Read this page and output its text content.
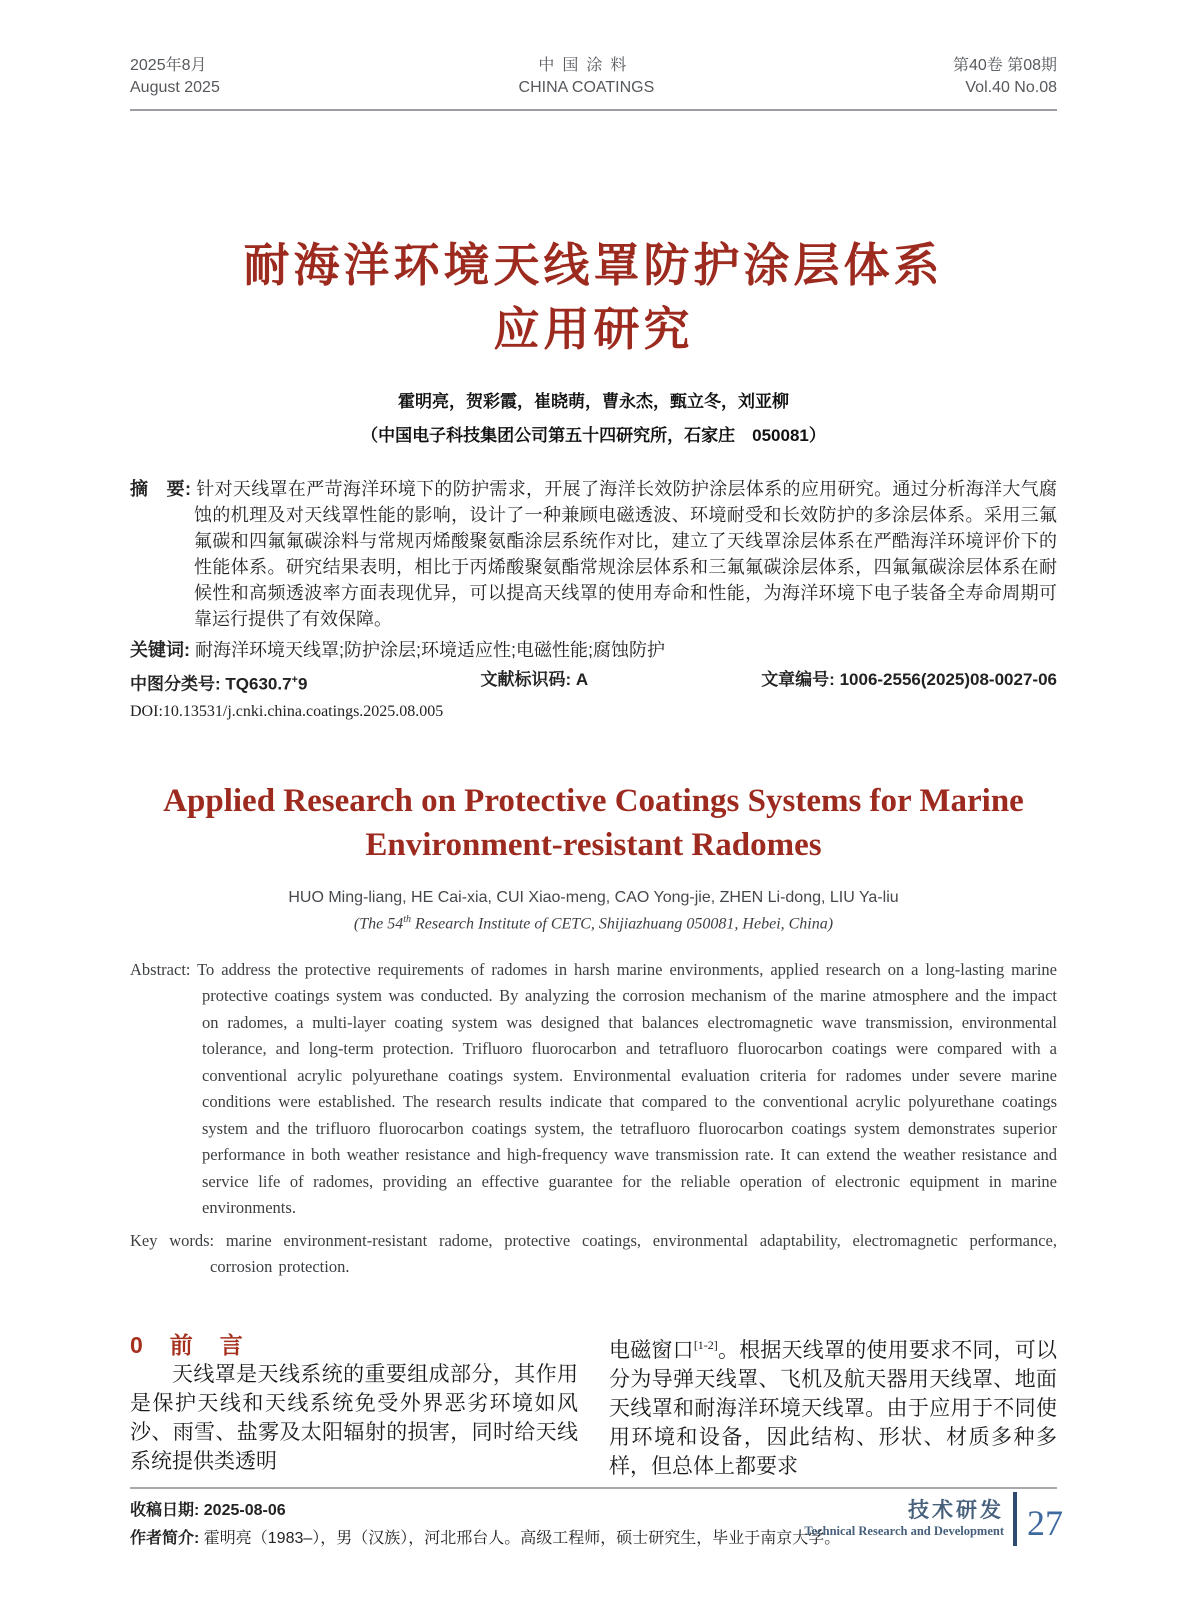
2025年8月
August 2025
中国涂料
CHINA COATINGS
第40卷 第08期
Vol.40 No.08
耐海洋环境天线罩防护涂层体系
应用研究
霍明亮，贺彩霞，崔晓萌，曹永杰，甄立冬，刘亚柳
（中国电子科技集团公司第五十四研究所，石家庄　050081）
摘　要: 针对天线罩在严苛海洋环境下的防护需求，开展了海洋长效防护涂层体系的应用研究。通过分析海洋大气腐蚀的机理及对天线罩性能的影响，设计了一种兼顾电磁透波、环境耐受和长效防护的多涂层体系。采用三氟氟碳和四氟氟碳涂料与常规丙烯酸聚氨酯涂层系统作对比，建立了天线罩涂层体系在严酷海洋环境评价下的性能体系。研究结果表明，相比于丙烯酸聚氨酯常规涂层体系和三氟氟碳涂层体系，四氟氟碳涂层体系在耐候性和高频透波率方面表现优异，可以提高天线罩的使用寿命和性能，为海洋环境下电子装备全寿命周期可靠运行提供了有效保障。
关键词: 耐海洋环境天线罩;防护涂层;环境适应性;电磁性能;腐蚀防护
中图分类号: TQ630.7+9	文献标识码: A	文章编号: 1006-2556(2025)08-0027-06
DOI:10.13531/j.cnki.china.coatings.2025.08.005
Applied Research on Protective Coatings Systems for Marine
Environment-resistant Radomes
HUO Ming-liang, HE Cai-xia, CUI Xiao-meng, CAO Yong-jie, ZHEN Li-dong, LIU Ya-liu
(The 54th Research Institute of CETC, Shijiazhuang 050081, Hebei, China)
Abstract: To address the protective requirements of radomes in harsh marine environments, applied research on a long-lasting marine protective coatings system was conducted. By analyzing the corrosion mechanism of the marine atmosphere and the impact on radomes, a multi-layer coating system was designed that balances electromagnetic wave transmission, environmental tolerance, and long-term protection. Trifluoro fluorocarbon and tetrafluoro fluorocarbon coatings were compared with a conventional acrylic polyurethane coatings system. Environmental evaluation criteria for radomes under severe marine conditions were established. The research results indicate that compared to the conventional acrylic polyurethane coatings system and the trifluoro fluorocarbon coatings system, the tetrafluoro fluorocarbon coatings system demonstrates superior performance in both weather resistance and high-frequency wave transmission rate. It can extend the weather resistance and service life of radomes, providing an effective guarantee for the reliable operation of electronic equipment in marine environments.
Key words: marine environment-resistant radome, protective coatings, environmental adaptability, electromagnetic performance, corrosion protection.
0　前　言

天线罩是天线系统的重要组成部分，其作用是保护天线和天线系统免受外界恶劣环境如风沙、雨雪、盐雾及太阳辐射的损害，同时给天线系统提供类透明

电磁窗口[1-2]。根据天线罩的使用要求不同，可以分为导弹天线罩、飞机及航天器用天线罩、地面天线罩和耐海洋环境天线罩。由于应用于不同使用环境和设备，因此结构、形状、材质多种多样，但总体上都要求

收稿日期: 2025-08-06
作者简介: 霍明亮（1983–），男（汉族），河北邢台人。高级工程师，硕士研究生，毕业于南京大学。
技术研发
Technical Research and Development 27
